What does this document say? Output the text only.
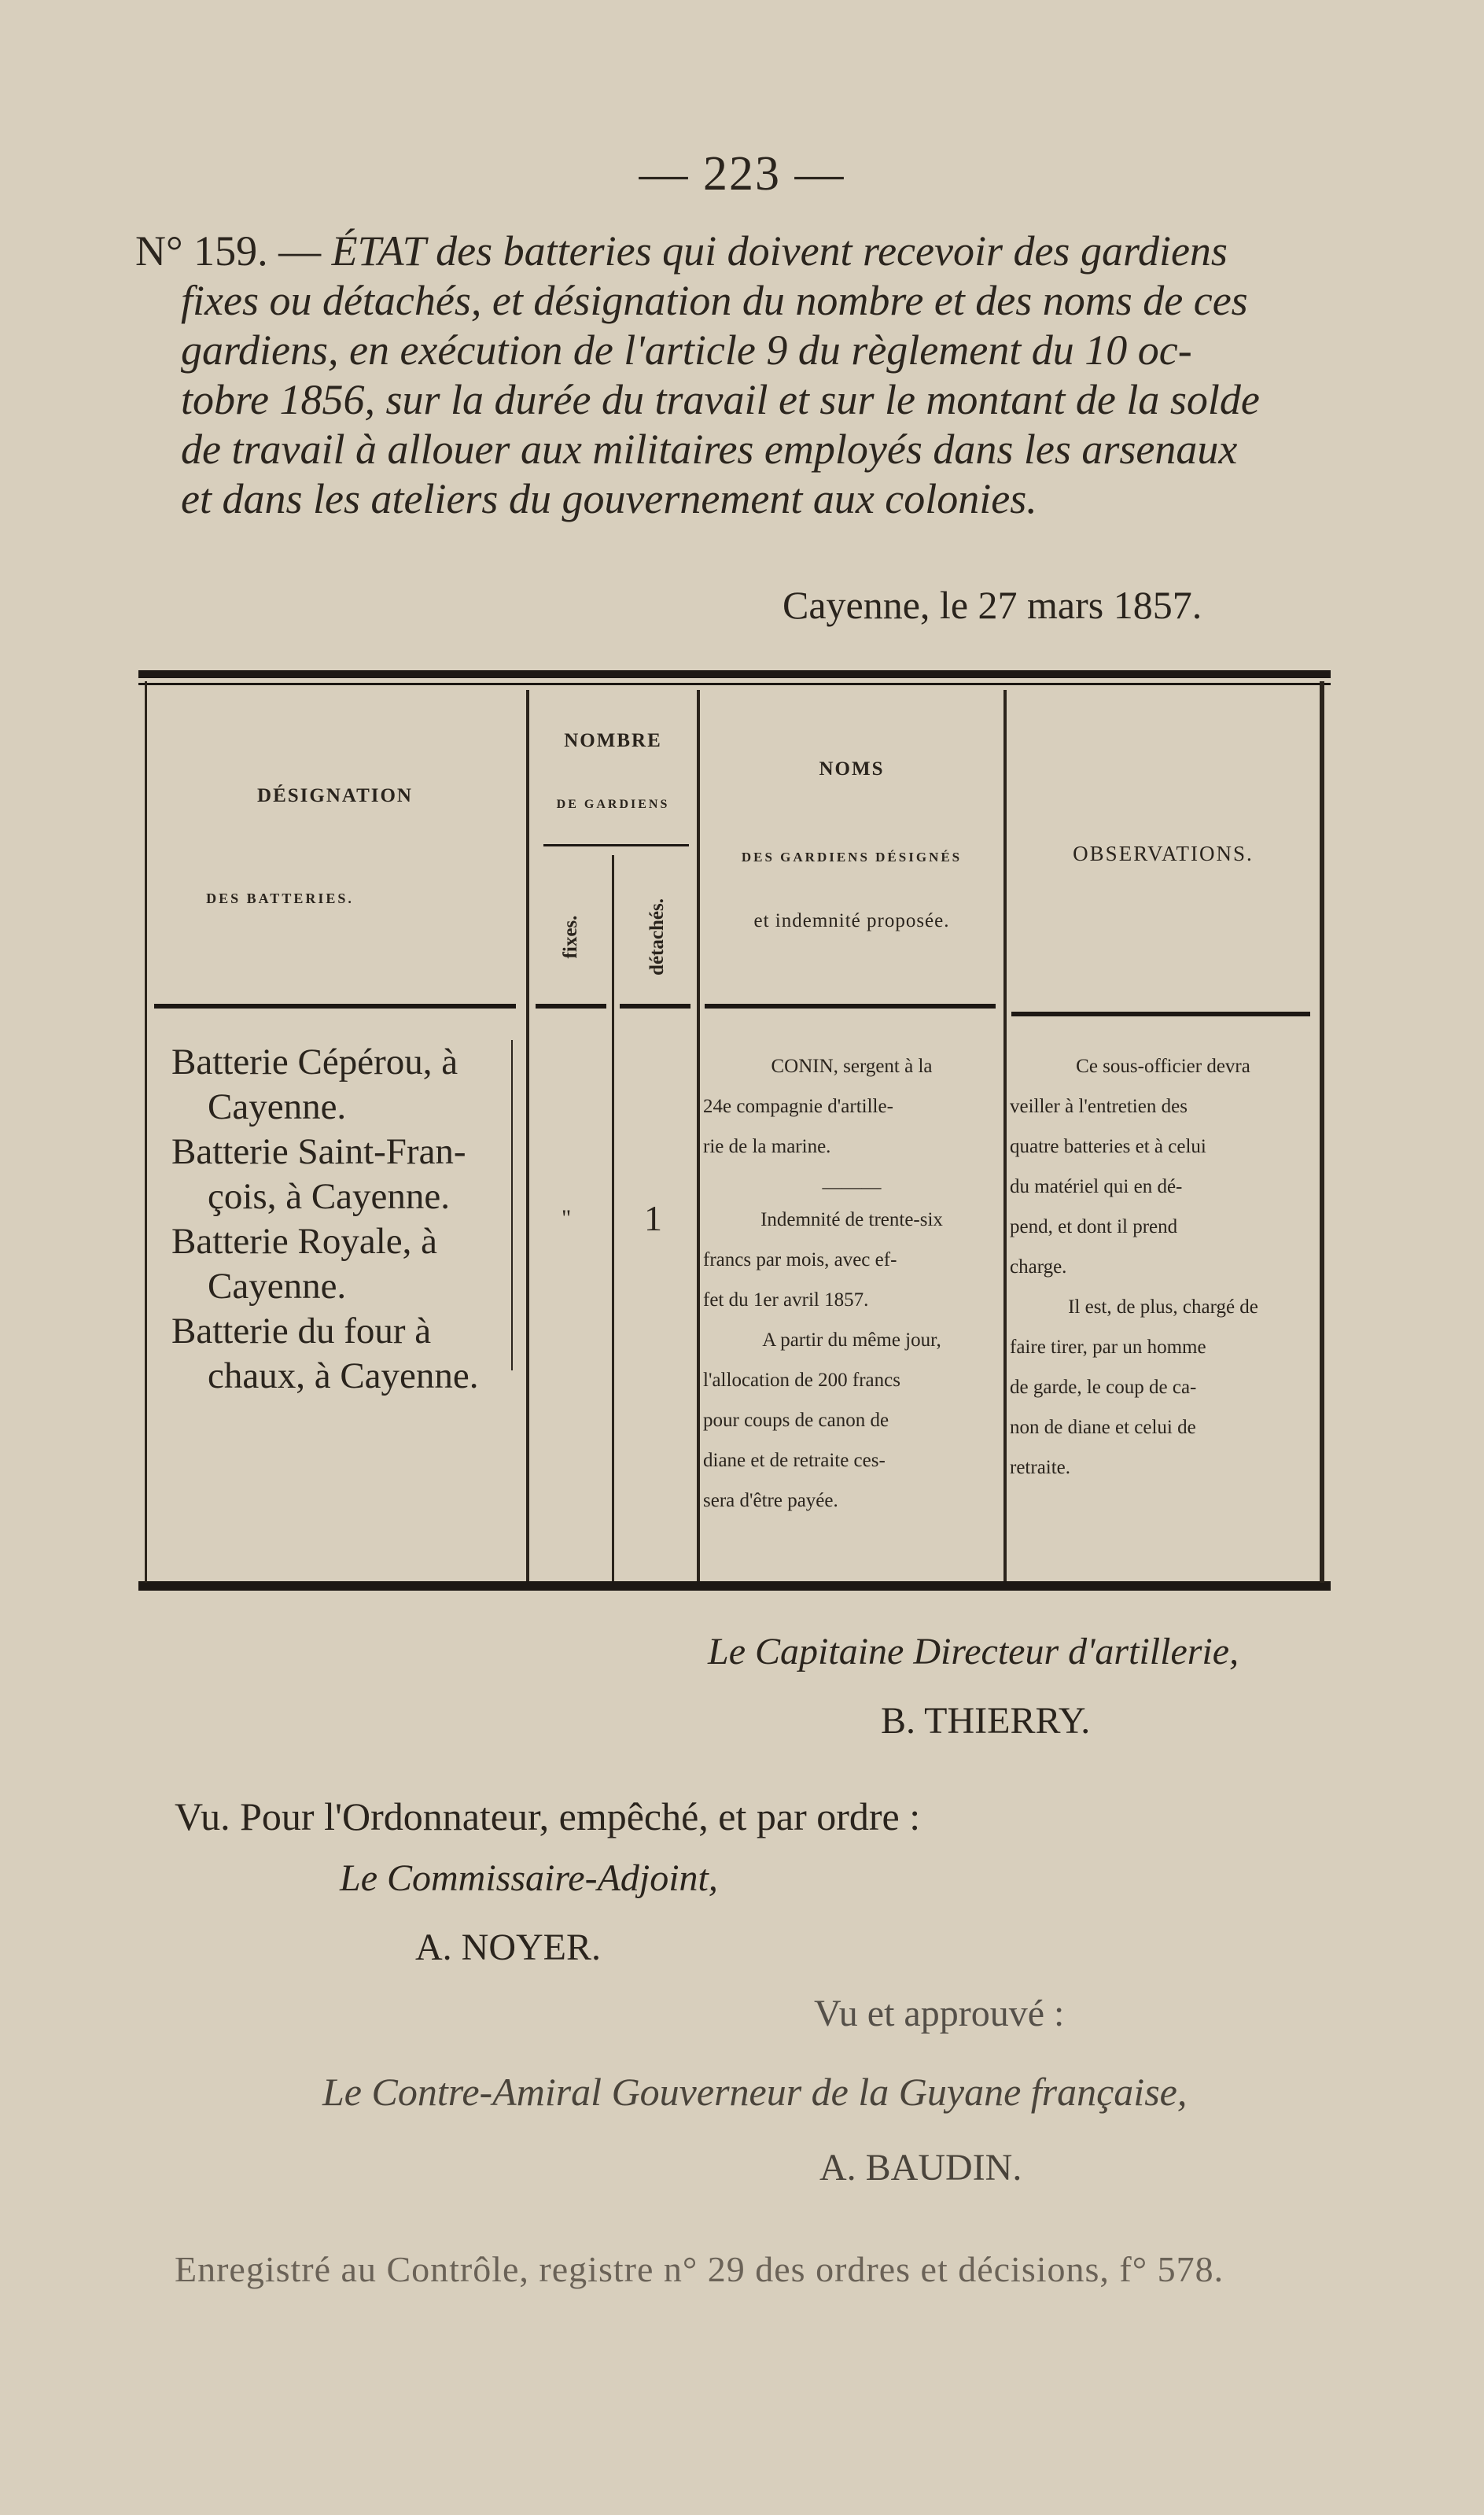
— 223 —

N° 159. — ÉTAT des batteries qui doivent recevoir des gardiens

fixes ou détachés, et désignation du nombre et des noms de ces

gardiens, en exécution de l'article 9 du règlement du 10 oc-

tobre 1856, sur la durée du travail et sur le montant de la solde

de travail à allouer aux militaires employés dans les arsenaux

et dans les ateliers du gouvernement aux colonies.

Cayenne, le 27 mars 1857.
DÉSIGNATION
DES BATTERIES.
NOMBRE
DE GARDIENS
fixes.	détachés.
NOMS
DES GARDIENS DÉSIGNÉS
et indemnité proposée.
OBSERVATIONS.

Batterie Cépérou, à

Cayenne.

Batterie Saint-Fran-

çois, à Cayenne.

Batterie Royale, à

Cayenne.

Batterie du four à

chaux, à Cayenne.

" 1

CONIN, sergent à la

24e compagnie d'artille-

rie de la marine.

———

Indemnité de trente-six

francs par mois, avec ef-

fet du 1er avril 1857.

A partir du même jour,

l'allocation de 200 francs

pour coups de canon de

diane et de retraite ces-

sera d'être payée.

Ce sous-officier devra

veiller à l'entretien des

quatre batteries et à celui

du matériel qui en dé-

pend, et dont il prend

charge.

Il est, de plus, chargé de

faire tirer, par un homme

de garde, le coup de ca-

non de diane et celui de

retraite.

Le Capitaine Directeur d'artillerie,
B. THIERRY.
Vu. Pour l'Ordonnateur, empêché, et par ordre :
Le Commissaire-Adjoint,
A. NOYER.
Vu et approuvé :
Le Contre-Amiral Gouverneur de la Guyane française,
A. BAUDIN.
Enregistré au Contrôle, registre n° 29 des ordres et décisions, f° 578.
